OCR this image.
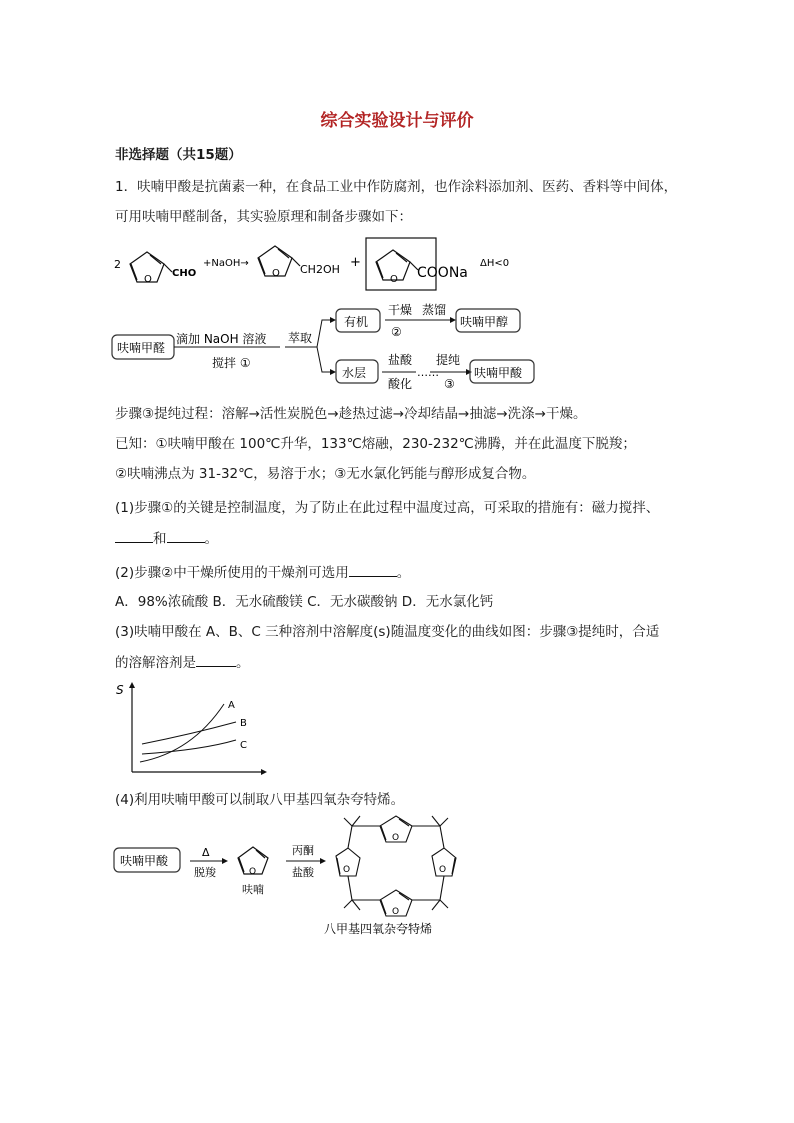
综合实验设计与评价
非选择题（共15题）
1．呋喃甲酸是抗菌素一种，在食品工业中作防腐剂，也作涂料添加剂、医药、香料等中间体，
可用呋喃甲醛制备，其实验原理和制备步骤如下：
2
O
CHO
+NaOH→
O CH2OH +
O COONa
ΔH<0
呋喃甲醛
滴加 NaOH 溶液
搅拌 ①
萃取
有机
干燥 蒸馏
②
呋喃甲醇
水层
盐酸
酸化
……
提纯
③
呋喃甲酸
步骤③提纯过程：溶解→活性炭脱色→趁热过滤→冷却结晶→抽滤→洗涤→干燥。
已知：①呋喃甲酸在 100℃升华，133℃熔融，230-232℃沸腾，并在此温度下脱羧；
②呋喃沸点为 31-32℃，易溶于水；③无水氯化钙能与醇形成复合物。
(1)步骤①的关键是控制温度，为了防止在此过程中温度过高，可采取的措施有：磁力搅拌、
和	。
(2)步骤②中干燥所使用的干燥剂可选用	。
A．98%浓硫酸 B．无水硫酸镁 C．无水碳酸钠 D．无水氯化钙
(3)呋喃甲酸在 A、B、C 三种溶剂中溶解度(s)随温度变化的曲线如图：步骤③提纯时，合适
的溶解溶剂是	。
S
A
B
C
(4)利用呋喃甲酸可以制取八甲基四氧杂夸特烯。
呋喃甲酸
Δ
脱羧	O
呋喃
丙酮
盐酸
O
O
O	O
八甲基四氧杂夸特烯
